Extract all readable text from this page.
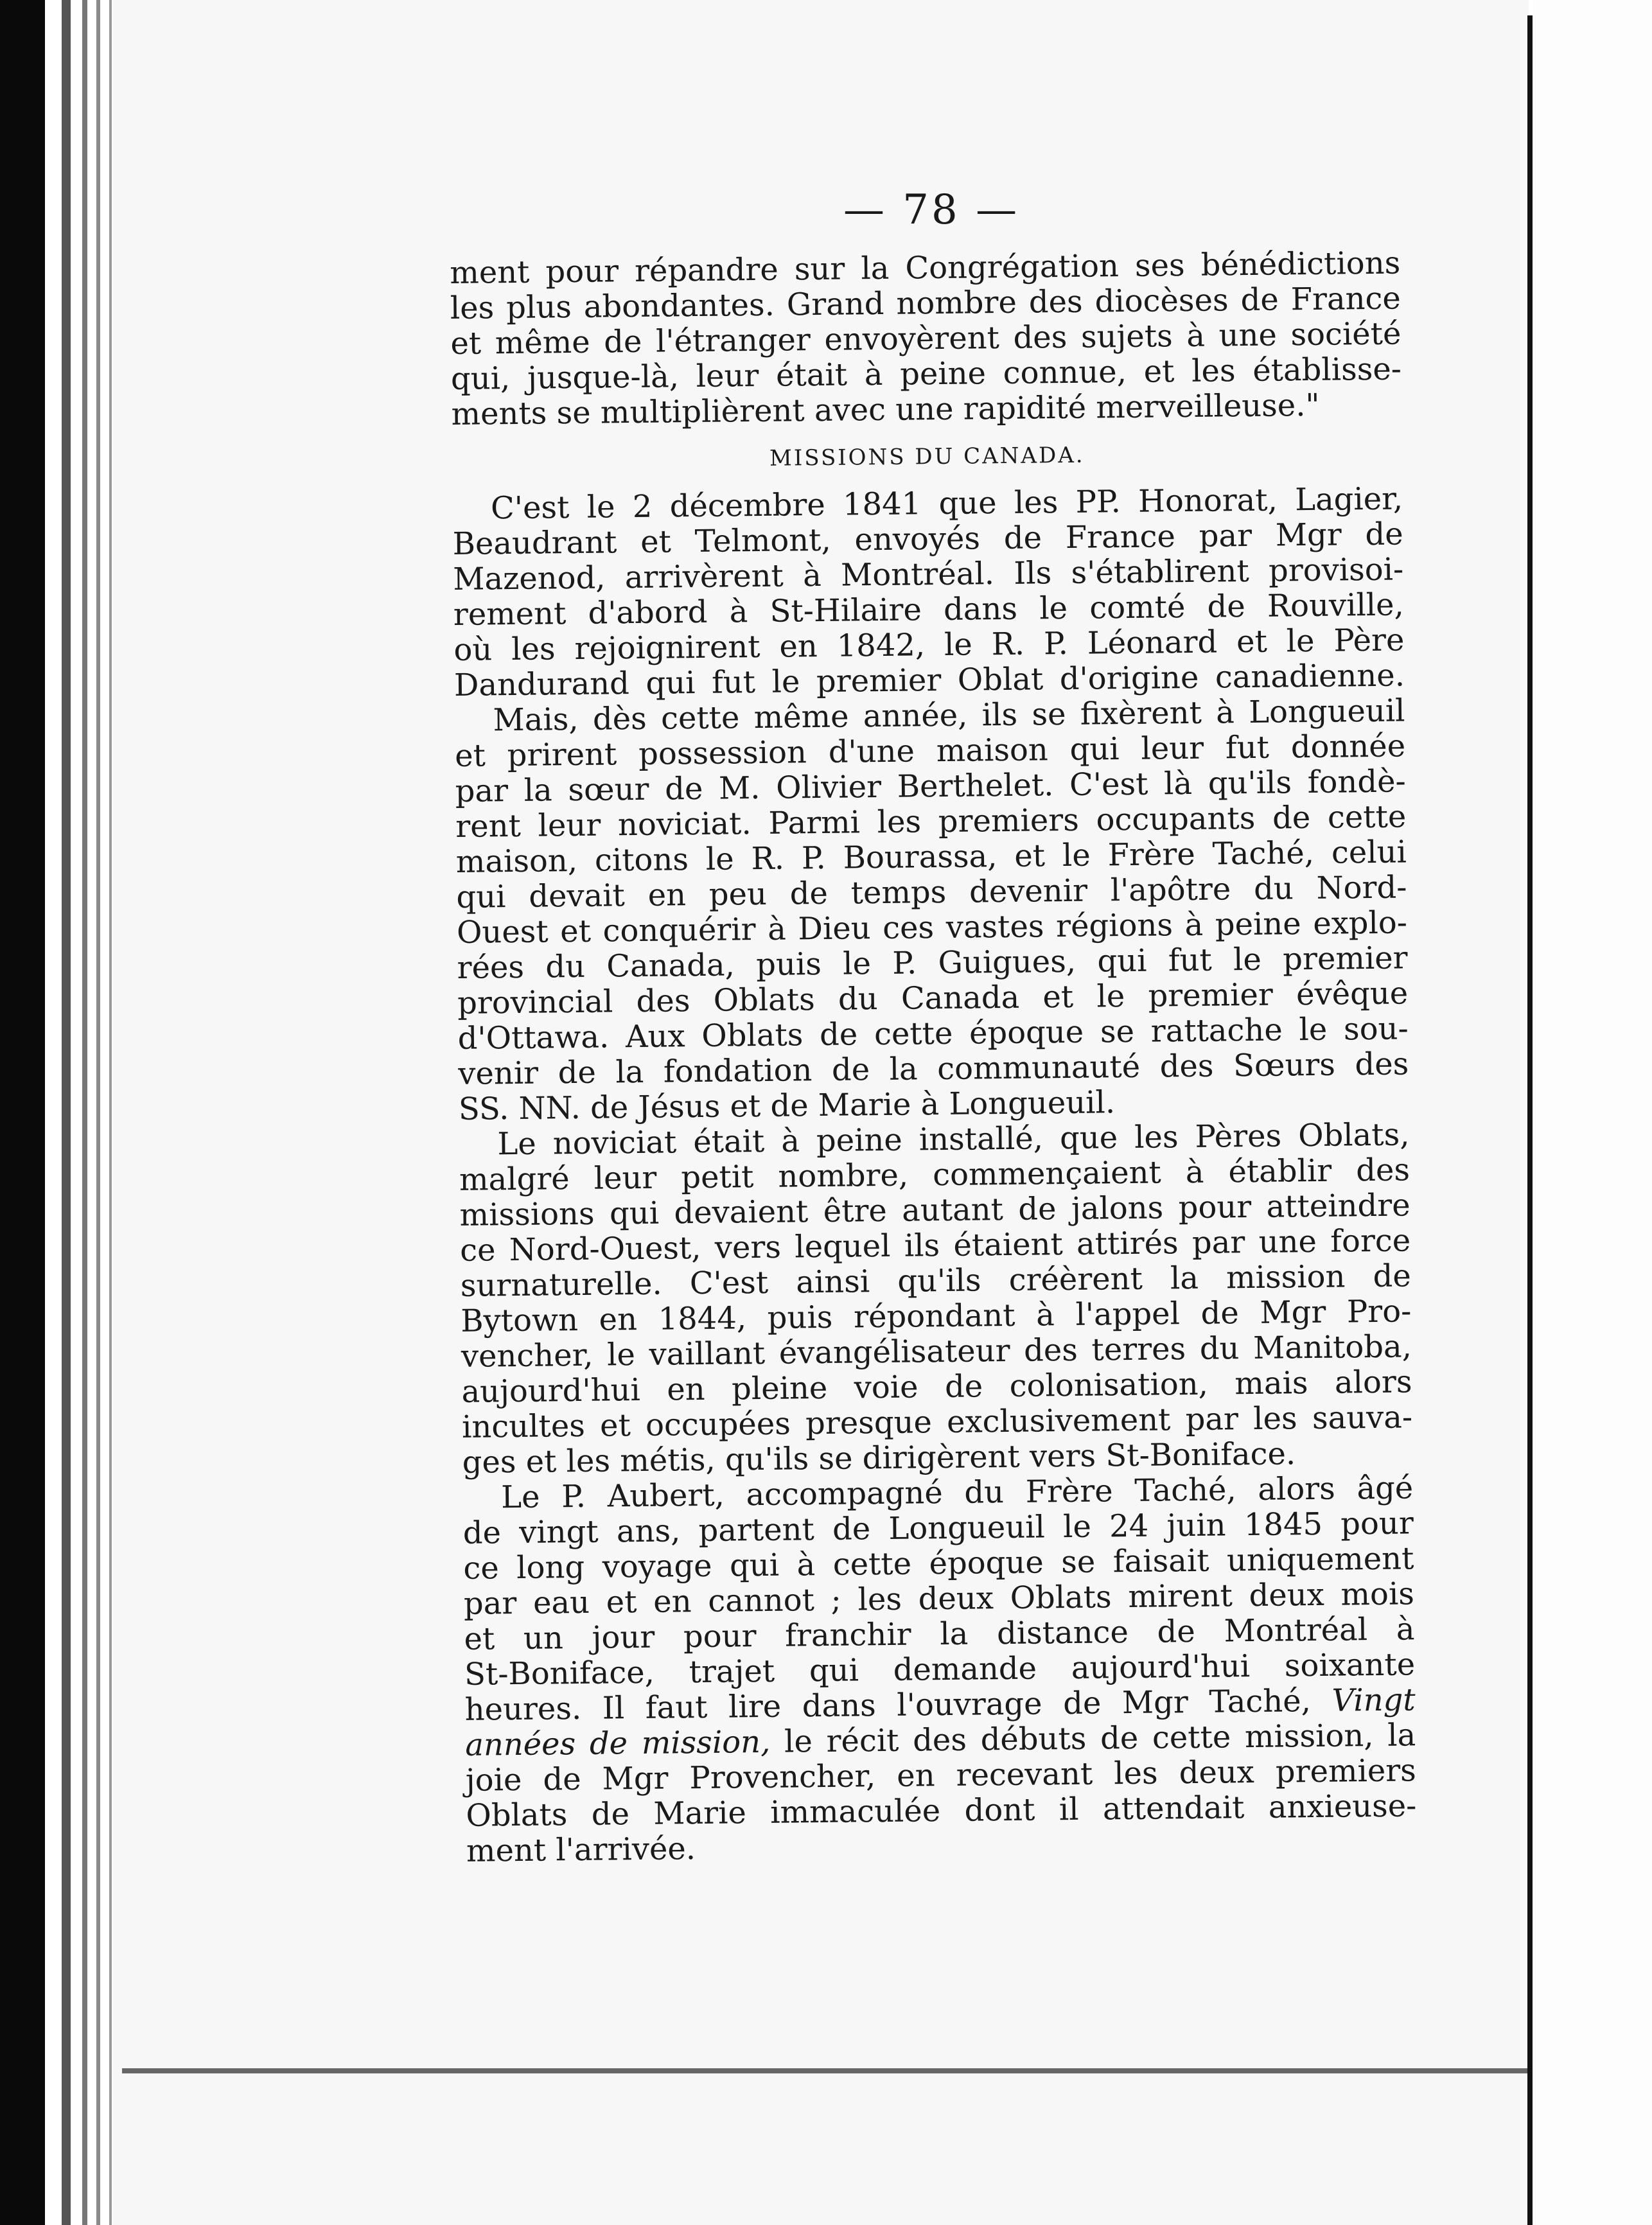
— 78 —
ment pour répandre sur la Congrégation ses bénédictions
les plus abondantes. Grand nombre des diocèses de France
et même de l'étranger envoyèrent des sujets à une société
qui, jusque-là, leur était à peine connue, et les établisse-
ments se multiplièrent avec une rapidité merveilleuse."
MISSIONS DU CANADA.
C'est le 2 décembre 1841 que les PP. Honorat, Lagier,
Beaudrant et Telmont, envoyés de France par Mgr de
Mazenod, arrivèrent à Montréal. Ils s'établirent provisoi-
rement d'abord à St-Hilaire dans le comté de Rouville,
où les rejoignirent en 1842, le R. P. Léonard et le Père
Dandurand qui fut le premier Oblat d'origine canadienne.
Mais, dès cette même année, ils se fixèrent à Longueuil
et prirent possession d'une maison qui leur fut donnée
par la sœur de M. Olivier Berthelet. C'est là qu'ils fondè-
rent leur noviciat. Parmi les premiers occupants de cette
maison, citons le R. P. Bourassa, et le Frère Taché, celui
qui devait en peu de temps devenir l'apôtre du Nord-
Ouest et conquérir à Dieu ces vastes régions à peine explo-
rées du Canada, puis le P. Guigues, qui fut le premier
provincial des Oblats du Canada et le premier évêque
d'Ottawa. Aux Oblats de cette époque se rattache le sou-
venir de la fondation de la communauté des Sœurs des
SS. NN. de Jésus et de Marie à Longueuil.
Le noviciat était à peine installé, que les Pères Oblats,
malgré leur petit nombre, commençaient à établir des
missions qui devaient être autant de jalons pour atteindre
ce Nord-Ouest, vers lequel ils étaient attirés par une force
surnaturelle. C'est ainsi qu'ils créèrent la mission de
Bytown en 1844, puis répondant à l'appel de Mgr Pro-
vencher, le vaillant évangélisateur des terres du Manitoba,
aujourd'hui en pleine voie de colonisation, mais alors
incultes et occupées presque exclusivement par les sauva-
ges et les métis, qu'ils se dirigèrent vers St-Boniface.
Le P. Aubert, accompagné du Frère Taché, alors âgé
de vingt ans, partent de Longueuil le 24 juin 1845 pour
ce long voyage qui à cette époque se faisait uniquement
par eau et en cannot ; les deux Oblats mirent deux mois
et un jour pour franchir la distance de Montréal à
St-Boniface, trajet qui demande aujourd'hui soixante
heures. Il faut lire dans l'ouvrage de Mgr Taché, Vingt
années de mission, le récit des débuts de cette mission, la
joie de Mgr Provencher, en recevant les deux premiers
Oblats de Marie immaculée dont il attendait anxieuse-
ment l'arrivée.
